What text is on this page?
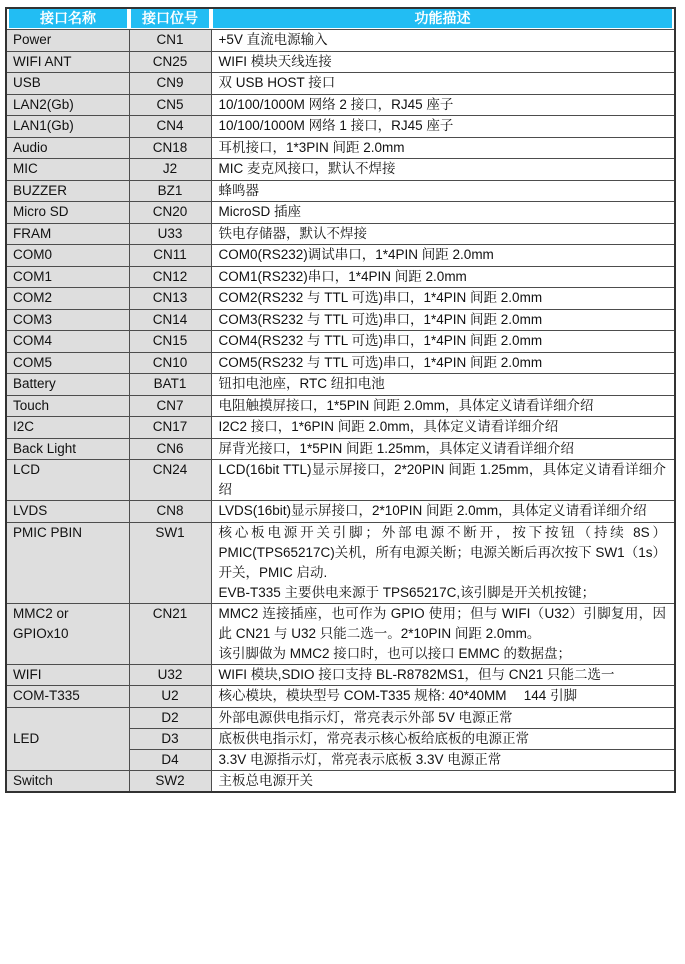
接口名称	接口位号	功能描述

Power	CN1	+5V 直流电源输入

WIFI ANT	CN25	WIFI 模块天线连接

USB	CN9	双 USB HOST 接口

LAN2(Gb)	CN5	10/100/1000M 网络 2 接口，RJ45 座子

LAN1(Gb)	CN4	10/100/1000M 网络 1 接口，RJ45 座子

Audio	CN18	耳机接口，1*3PIN 间距 2.0mm

MIC	J2	MIC 麦克风接口，默认不焊接

BUZZER	BZ1	蜂鸣器

Micro SD	CN20	MicroSD 插座

FRAM	U33	铁电存储器，默认不焊接

COM0	CN11	COM0(RS232)调试串口，1*4PIN 间距 2.0mm

COM1	CN12	COM1(RS232)串口，1*4PIN 间距 2.0mm

COM2	CN13	COM2(RS232 与 TTL 可选)串口，1*4PIN 间距 2.0mm

COM3	CN14	COM3(RS232 与 TTL 可选)串口，1*4PIN 间距 2.0mm

COM4	CN15	COM4(RS232 与 TTL 可选)串口，1*4PIN 间距 2.0mm

COM5	CN10	COM5(RS232 与 TTL 可选)串口，1*4PIN 间距 2.0mm

Battery	BAT1	钮扣电池座，RTC 纽扣电池

Touch	CN7	电阻触摸屏接口，1*5PIN 间距 2.0mm，具体定义请看详细介绍

I2C	CN17	I2C2 接口，1*6PIN 间距 2.0mm，具体定义请看详细介绍

Back Light	CN6	屏背光接口，1*5PIN 间距 1.25mm，具体定义请看详细介绍

LCD	CN24	LCD(16bit TTL)显示屏接口，2*20PIN 间距 1.25mm，具体定义请看详细介绍

LVDS	CN8	LVDS(16bit)显示屏接口，2*10PIN 间距 2.0mm，具体定义请看详细介绍

PMIC PBIN	SW1	核心板电源开关引脚；外部电源不断开，按下按钮（持续 8S）PMIC(TPS65217C)关机，所有电源关断；电源关断后再次按下 SW1（1s）开关，PMIC 启动.
EVB-T335 主要供电来源于 TPS65217C,该引脚是开关机按键；

MMC2 or GPIOx10	CN21	MMC2 连接插座，也可作为 GPIO 使用；但与 WIFI（U32）引脚复用，因此 CN21 与 U32 只能二选一。2*10PIN 间距 2.0mm。
该引脚做为 MMC2 接口时，也可以接口 EMMC 的数据盘；

WIFI	U32	WIFI 模块,SDIO 接口支持 BL-R8782MS1，但与 CN21 只能二选一

COM-T335	U2	核心模块，模块型号 COM-T335 规格: 40*40MM　 144 引脚

LED	D2	外部电源供电指示灯，常亮表示外部 5V 电源正常

	D3	底板供电指示灯，常亮表示核心板给底板的电源正常

	D4	3.3V 电源指示灯，常亮表示底板 3.3V 电源正常

Switch	SW2	主板总电源开关
